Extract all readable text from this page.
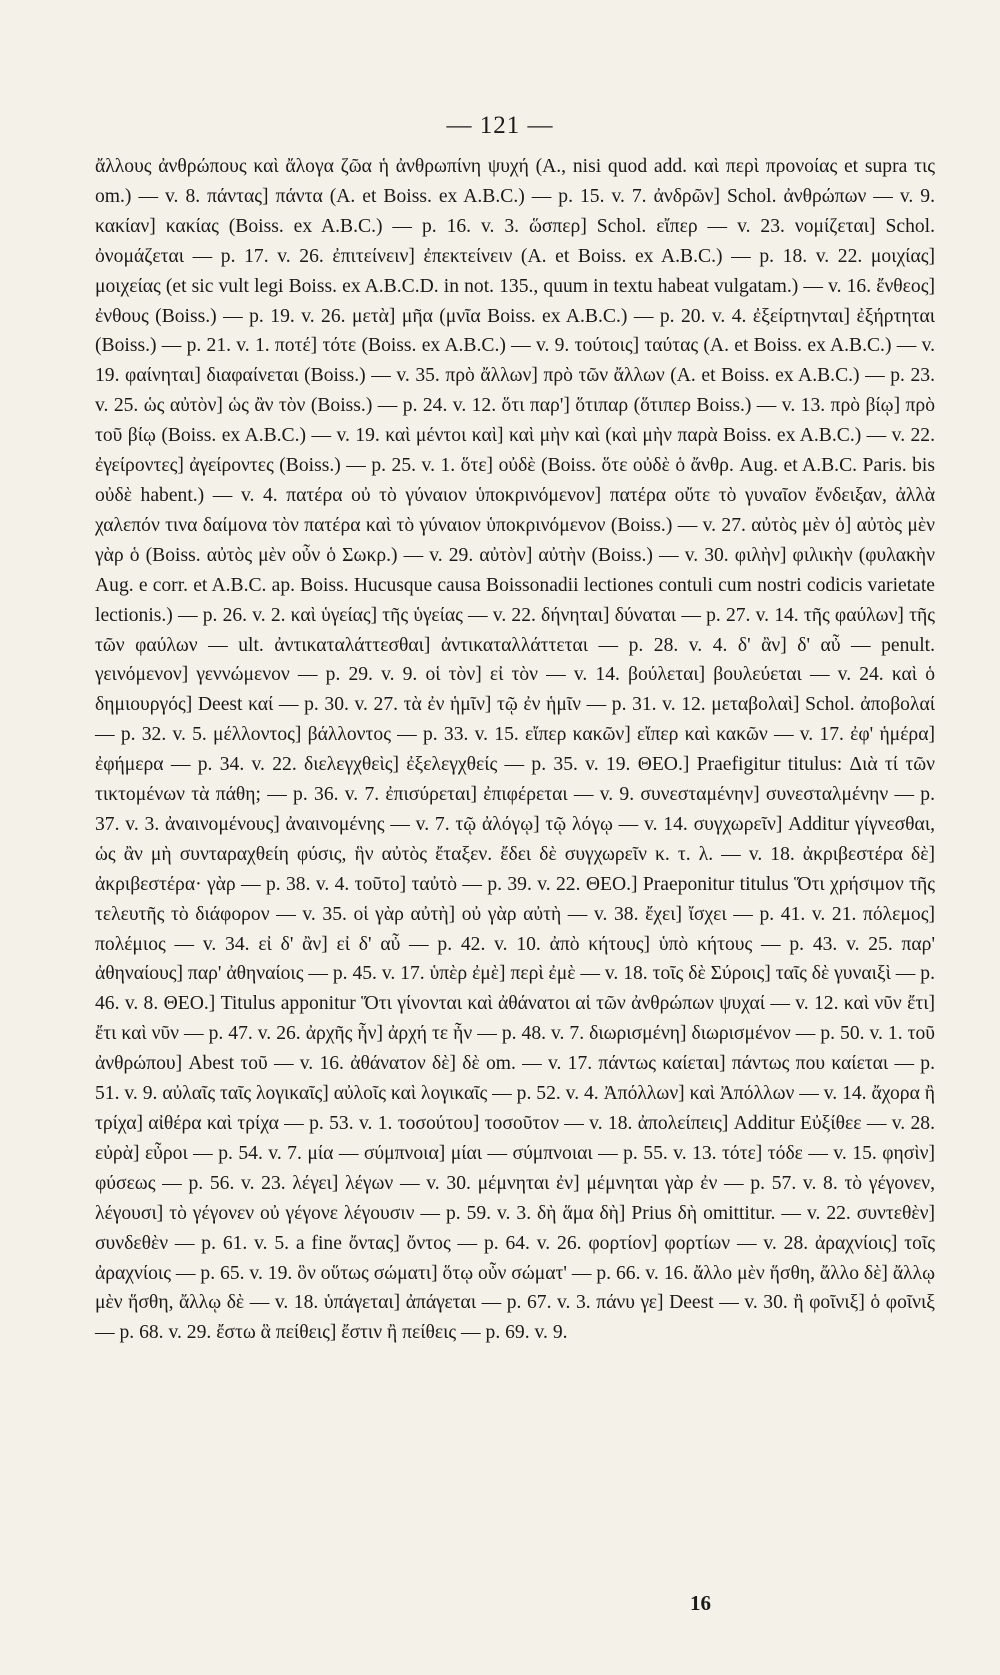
— 121 —

ἄλλους ἀνθρώπους καὶ ἄλογα ζῶα ἡ ἀνθρωπίνη ψυχή (A., nisi quod add. καὶ περὶ προνοίας et supra τις om.) — v. 8. πάντας] πάντα (A. et Boiss. ex A.B.C.) — p. 15. v. 7. ἀνδρῶν] Schol. ἀνθρώπων — v. 9. κακίαν] κακίας (Boiss. ex A.B.C.) — p. 16. v. 3. ὥσπερ] Schol. εἴπερ — v. 23. νομίζεται] Schol. ὀνομάζεται — p. 17. v. 26. ἐπιτείνειν] ἐπεκτείνειν (A. et Boiss. ex A.B.C.) — p. 18. v. 22. μοιχίας] μοιχείας (et sic vult legi Boiss. ex A.B.C.D. in not. 135., quum in textu habeat vulgatam.) — v. 16. ἔνθεος] ἐνθους (Boiss.) — p. 19. v. 26. μετὰ] μῆα (μνῖα Boiss. ex A.B.C.) — p. 20. v. 4. ἐξείρτηνται] ἐξήρτηται (Boiss.) — p. 21. v. 1. ποτέ] τότε (Boiss. ex A.B.C.) — v. 9. τούτοις] ταύτας (A. et Boiss. ex A.B.C.) — v. 19. φαίνηται] διαφαίνεται (Boiss.) — v. 35. πρὸ ἄλλων] πρὸ τῶν ἄλλων (A. et Boiss. ex A.B.C.) — p. 23. v. 25. ὡς αὐτὸν] ὡς ἂν τὸν (Boiss.) — p. 24. v. 12. ὅτι παρ'] ὅτιπαρ (ὅτιπερ Boiss.) — v. 13. πρὸ βίῳ] πρὸ τοῦ βίῳ (Boiss. ex A.B.C.) — v. 19. καὶ μέντοι καὶ] καὶ μὴν καὶ (καὶ μὴν παρὰ Boiss. ex A.B.C.) — v. 22. ἐγείροντες] ἀγείροντες (Boiss.) — p. 25. v. 1. ὅτε] οὐδὲ (Boiss. ὅτε οὐδὲ ὁ ἄνθρ. Aug. et A.B.C. Paris. bis οὐδὲ habent.) — v. 4. πατέρα οὐ τὸ γύναιον ὑποκρινόμενον] πατέρα οὔτε τὸ γυναῖον ἔνδειξαν, ἀλλὰ χαλεπόν τινα δαίμονα τὸν πατέρα καὶ τὸ γύναιον ὑποκρινόμενον (Boiss.) — v. 27. αὐτὸς μὲν ὁ] αὐτὸς μὲν γὰρ ὁ (Boiss. αὐτὸς μὲν οὖν ὁ Σωκρ.) — v. 29. αὐτὸν] αὐτὴν (Boiss.) — v. 30. φιλὴν] φιλικὴν (φυλακὴν Aug. e corr. et A.B.C. ap. Boiss. Hucusque causa Boissonadii lectiones contuli cum nostri codicis varietate lectionis.) — p. 26. v. 2. καὶ ὑγείας] τῆς ὑγείας — v. 22. δήνηται] δύναται — p. 27. v. 14. τῆς φαύλων] τῆς τῶν φαύλων — ult. ἀντικαταλάττεσθαι] ἀντικαταλλάττεται — p. 28. v. 4. δ' ἂν] δ' αὖ — penult. γεινόμενον] γεννώμενον — p. 29. v. 9. οἱ τὸν] εἰ τὸν — v. 14. βούλεται] βουλεύεται — v. 24. καὶ ὁ δημιουργός] Deest καί — p. 30. v. 27. τὰ ἐν ἡμῖν] τῷ ἐν ἡμῖν — p. 31. v. 12. μεταβολαὶ] Schol. ἀποβολαί — p. 32. v. 5. μέλλοντος] βάλλοντος — p. 33. v. 15. εἴπερ κακῶν] εἴπερ καὶ κακῶν — v. 17. ἐφ' ἡμέρα] ἐφήμερα — p. 34. v. 22. διελεγχθεὶς] ἐξελεγχθείς — p. 35. v. 19. ΘΕΟ.] Praefigitur titulus: Διὰ τί τῶν τικτομένων τὰ πάθη; — p. 36. v. 7. ἐπισύρεται] ἐπιφέρεται — v. 9. συνεσταμένην] συνεσταλμένην — p. 37. v. 3. ἀναινομένους] ἀναινομένης — v. 7. τῷ ἀλόγῳ] τῷ λόγῳ — v. 14. συγχωρεῖν] Additur γίγνεσθαι, ὡς ἂν μὴ συνταραχθείη φύσις, ἣν αὐτὸς ἔταξεν. ἔδει δὲ συγχωρεῖν κ. τ. λ. — v. 18. ἀκριβεστέρα δὲ] ἀκριβεστέρα· γὰρ — p. 38. v. 4. τοῦτο] ταὐτὸ — p. 39. v. 22. ΘΕΟ.] Praeponitur titulus Ὅτι χρήσιμον τῆς τελευτῆς τὸ διάφορον — v. 35. οἱ γὰρ αὐτὴ] οὐ γὰρ αὐτὴ — v. 38. ἔχει] ἴσχει — p. 41. v. 21. πόλεμος] πολέμιος — v. 34. εἰ δ' ἂν] εἰ δ' αὖ — p. 42. v. 10. ἀπὸ κήτους] ὑπὸ κήτους — p. 43. v. 25. παρ' ἀθηναίους] παρ' ἀθηναίοις — p. 45. v. 17. ὑπὲρ ἐμὲ] περὶ ἐμὲ — v. 18. τοῖς δὲ Σύροις] ταῖς δὲ γυναιξὶ — p. 46. v. 8. ΘΕΟ.] Titulus apponitur Ὅτι γίνονται καὶ ἀθάνατοι αἱ τῶν ἀνθρώπων ψυχαί — v. 12. καὶ νῦν ἔτι] ἔτι καὶ νῦν — p. 47. v. 26. ἀρχῆς ἦν] ἀρχή τε ἦν — p. 48. v. 7. διωρισμένη] διωρισμένον — p. 50. v. 1. τοῦ ἀνθρώπου] Abest τοῦ — v. 16. ἀθάνατον δὲ] δὲ om. — v. 17. πάντως καίεται] πάντως που καίεται — p. 51. v. 9. αὐλαῖς ταῖς λογικαῖς] αὐλοῖς καὶ λογικαῖς — p. 52. v. 4. Ἀπόλλων] καὶ Ἀπόλλων — v. 14. ἄχορα ἢ τρίχα] αἰθέρα καὶ τρίχα — p. 53. v. 1. τοσούτου] τοσοῦτον — v. 18. ἀπολείπεις] Additur Εὐξίθεε — v. 28. εὐρὰ] εὖροι — p. 54. v. 7. μία — σύμπνοια] μίαι — σύμπνοιαι — p. 55. v. 13. τότε] τόδε — v. 15. φησὶν] φύσεως — p. 56. v. 23. λέγει] λέγων — v. 30. μέμνηται ἐν] μέμνηται γὰρ ἐν — p. 57. v. 8. τὸ γέγονεν, λέγουσι] τὸ γέγονεν οὐ γέγονε λέγουσιν — p. 59. v. 3. δὴ ἅμα δὴ] Prius δὴ omittitur. — v. 22. συντεθὲν] συνδεθὲν — p. 61. v. 5. a fine ὄντας] ὄντος — p. 64. v. 26. φορτίον] φορτίων — v. 28. ἀραχνίοις] τοῖς ἀραχνίοις — p. 65. v. 19. ὃν οὕτως σώματι] ὅτῳ οὖν σώματ' — p. 66. v. 16. ἄλλο μὲν ἥσθη, ἄλλο δὲ] ἄλλῳ μὲν ἥσθη, ἄλλῳ δὲ — v. 18. ὑπάγεται] ἀπάγεται — p. 67. v. 3. πάνυ γε] Deest — v. 30. ἢ φοῖνιξ] ὁ φοῖνιξ — p. 68. v. 29. ἔστω ἃ πείθεις] ἔστιν ἢ πείθεις — p. 69. v. 9.

16
